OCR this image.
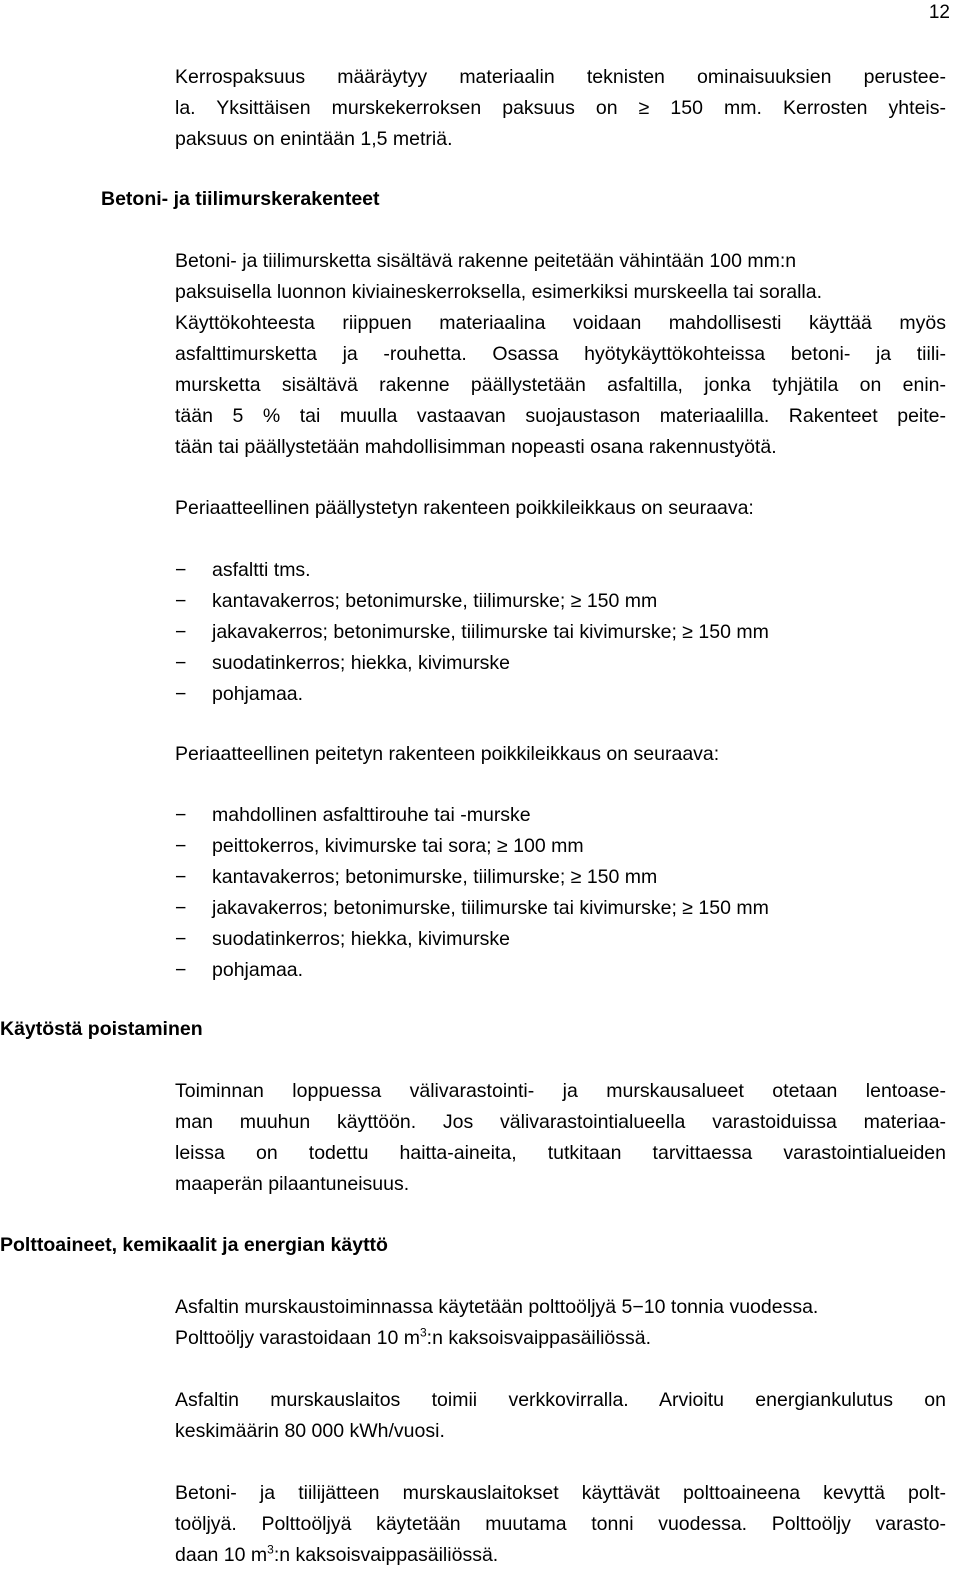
12
Kerrospaksuus määräytyy materiaalin teknisten ominaisuuksien perustee-
la. Yksittäisen murskekerroksen paksuus on ≥ 150 mm. Kerrosten yhteis-
paksuus on enintään 1,5 metriä.
Betoni- ja tiilimurskerakenteet
Betoni- ja tiilimursketta sisältävä rakenne peitetään vähintään 100 mm:n
paksuisella luonnon kiviaineskerroksella, esimerkiksi murskeella tai soralla.
Käyttökohteesta riippuen materiaalina voidaan mahdollisesti käyttää myös
asfalttimursketta ja -rouhetta. Osassa hyötykäyttökohteissa betoni- ja tiili-
mursketta sisältävä rakenne päällystetään asfaltilla, jonka tyhjätila on enin-
tään 5 % tai muulla vastaavan suojaustason materiaalilla. Rakenteet peite-
tään tai päällystetään mahdollisimman nopeasti osana rakennustyötä.
Periaatteellinen päällystetyn rakenteen poikkileikkaus on seuraava:
−	asfaltti tms.
−	kantavakerros; betonimurske, tiilimurske; ≥ 150 mm
−	jakavakerros; betonimurske, tiilimurske tai kivimurske; ≥ 150 mm
−	suodatinkerros; hiekka, kivimurske
−	pohjamaa.
Periaatteellinen peitetyn rakenteen poikkileikkaus on seuraava:
−	mahdollinen asfalttirouhe tai -murske
−	peittokerros, kivimurske tai sora; ≥ 100 mm
−	kantavakerros; betonimurske, tiilimurske; ≥ 150 mm
−	jakavakerros; betonimurske, tiilimurske tai kivimurske; ≥ 150 mm
−	suodatinkerros; hiekka, kivimurske
−	pohjamaa.
Käytöstä poistaminen
Toiminnan loppuessa välivarastointi- ja murskausalueet otetaan lentoase-
man muuhun käyttöön. Jos välivarastointialueella varastoiduissa materiaa-
leissa on todettu haitta-aineita, tutkitaan tarvittaessa varastointialueiden
maaperän pilaantuneisuus.
Polttoaineet, kemikaalit ja energian käyttö
Asfaltin murskaustoiminnassa käytetään polttoöljyä 5−10 tonnia vuodessa.
Polttoöljy varastoidaan 10 $m^3:n$ kaksoisvaippasäiliössä.
Asfaltin murskauslaitos toimii verkkovirralla. Arvioitu energiankulutus on
keskimäärin 80 000 kWh/vuosi.
Betoni- ja tiilijätteen murskauslaitokset käyttävät polttoaineena kevyttä polt-
toöljyä. Polttoöljyä käytetään muutama tonni vuodessa. Polttoöljy varasto-
daan 10 $m^3:n$ kaksoisvaippasäiliössä.
